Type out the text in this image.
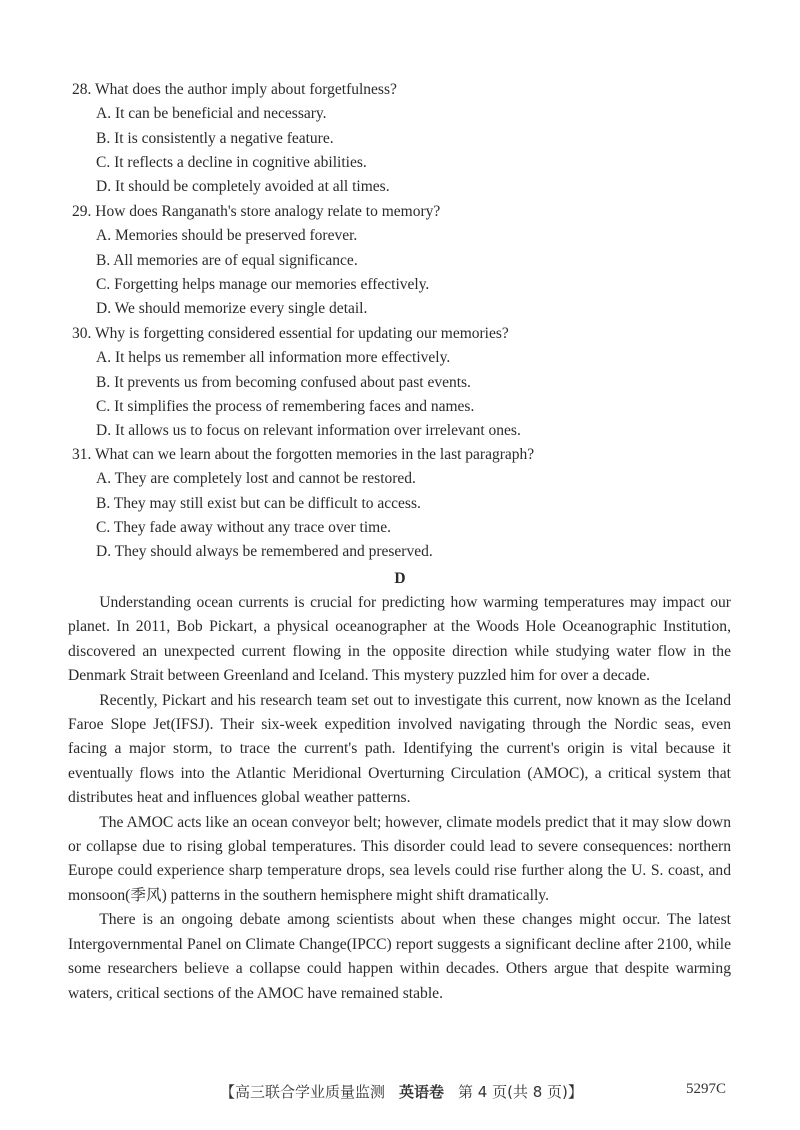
28. What does the author imply about forgetfulness?
A. It can be beneficial and necessary.
B. It is consistently a negative feature.
C. It reflects a decline in cognitive abilities.
D. It should be completely avoided at all times.
29. How does Ranganath's store analogy relate to memory?
A. Memories should be preserved forever.
B. All memories are of equal significance.
C. Forgetting helps manage our memories effectively.
D. We should memorize every single detail.
30. Why is forgetting considered essential for updating our memories?
A. It helps us remember all information more effectively.
B. It prevents us from becoming confused about past events.
C. It simplifies the process of remembering faces and names.
D. It allows us to focus on relevant information over irrelevant ones.
31. What can we learn about the forgotten memories in the last paragraph?
A. They are completely lost and cannot be restored.
B. They may still exist but can be difficult to access.
C. They fade away without any trace over time.
D. They should always be remembered and preserved.
D

Understanding ocean currents is crucial for predicting how warming temperatures may impact our planet. In 2011, Bob Pickart, a physical oceanographer at the Woods Hole Oceanographic Institution, discovered an unexpected current flowing in the opposite direction while studying water flow in the Denmark Strait between Greenland and Iceland. This mystery puzzled him for over a decade.

Recently, Pickart and his research team set out to investigate this current, now known as the Iceland Faroe Slope Jet(IFSJ). Their six-week expedition involved navigating through the Nordic seas, even facing a major storm, to trace the current's path. Identifying the current's origin is vital because it eventually flows into the Atlantic Meridional Overturning Circulation (AMOC), a critical system that distributes heat and influences global weather patterns.

The AMOC acts like an ocean conveyor belt; however, climate models predict that it may slow down or collapse due to rising global temperatures. This disorder could lead to severe consequences: northern Europe could experience sharp temperature drops, sea levels could rise further along the U. S. coast, and monsoon(季风) patterns in the southern hemisphere might shift dramatically.

There is an ongoing debate among scientists about when these changes might occur. The latest Intergovernmental Panel on Climate Change(IPCC) report suggests a significant decline after 2100, while some researchers believe a collapse could happen within decades. Others argue that despite warming waters, critical sections of the AMOC have remained stable.

【高三联合学业质量监测 英语卷 第 4 页(共 8 页)】	5297C
